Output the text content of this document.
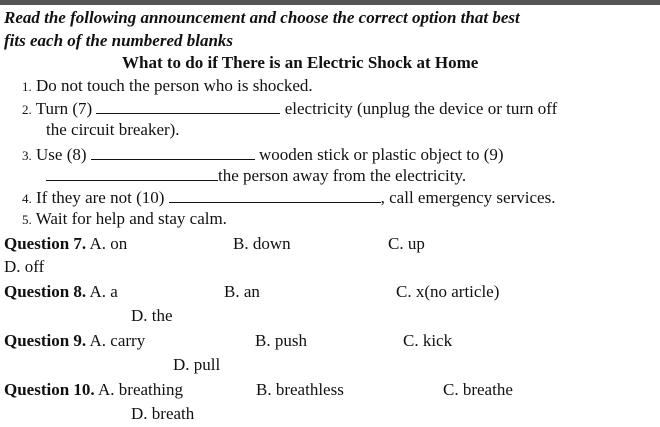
Read the following announcement and choose the correct option that best
fits each of the numbered blanks
What to do if There is an Electric Shock at Home
1. Do not touch the person who is shocked.
2. Turn (7)	electricity (unplug the device or turn off
the circuit breaker).
3. Use (8)	wooden stick or plastic object to (9)
the person away from the electricity.
4. If they are not (10)	, call emergency services.
5. Wait for help and stay calm.
Question 7. A. on	B. down	C. up
D. off
Question 8. A. a	B. an	C. x(no article)
D. the
Question 9. A. carry	B. push	C. kick
D. pull
Question 10. A. breathing	B. breathless	C. breathe
D. breath
